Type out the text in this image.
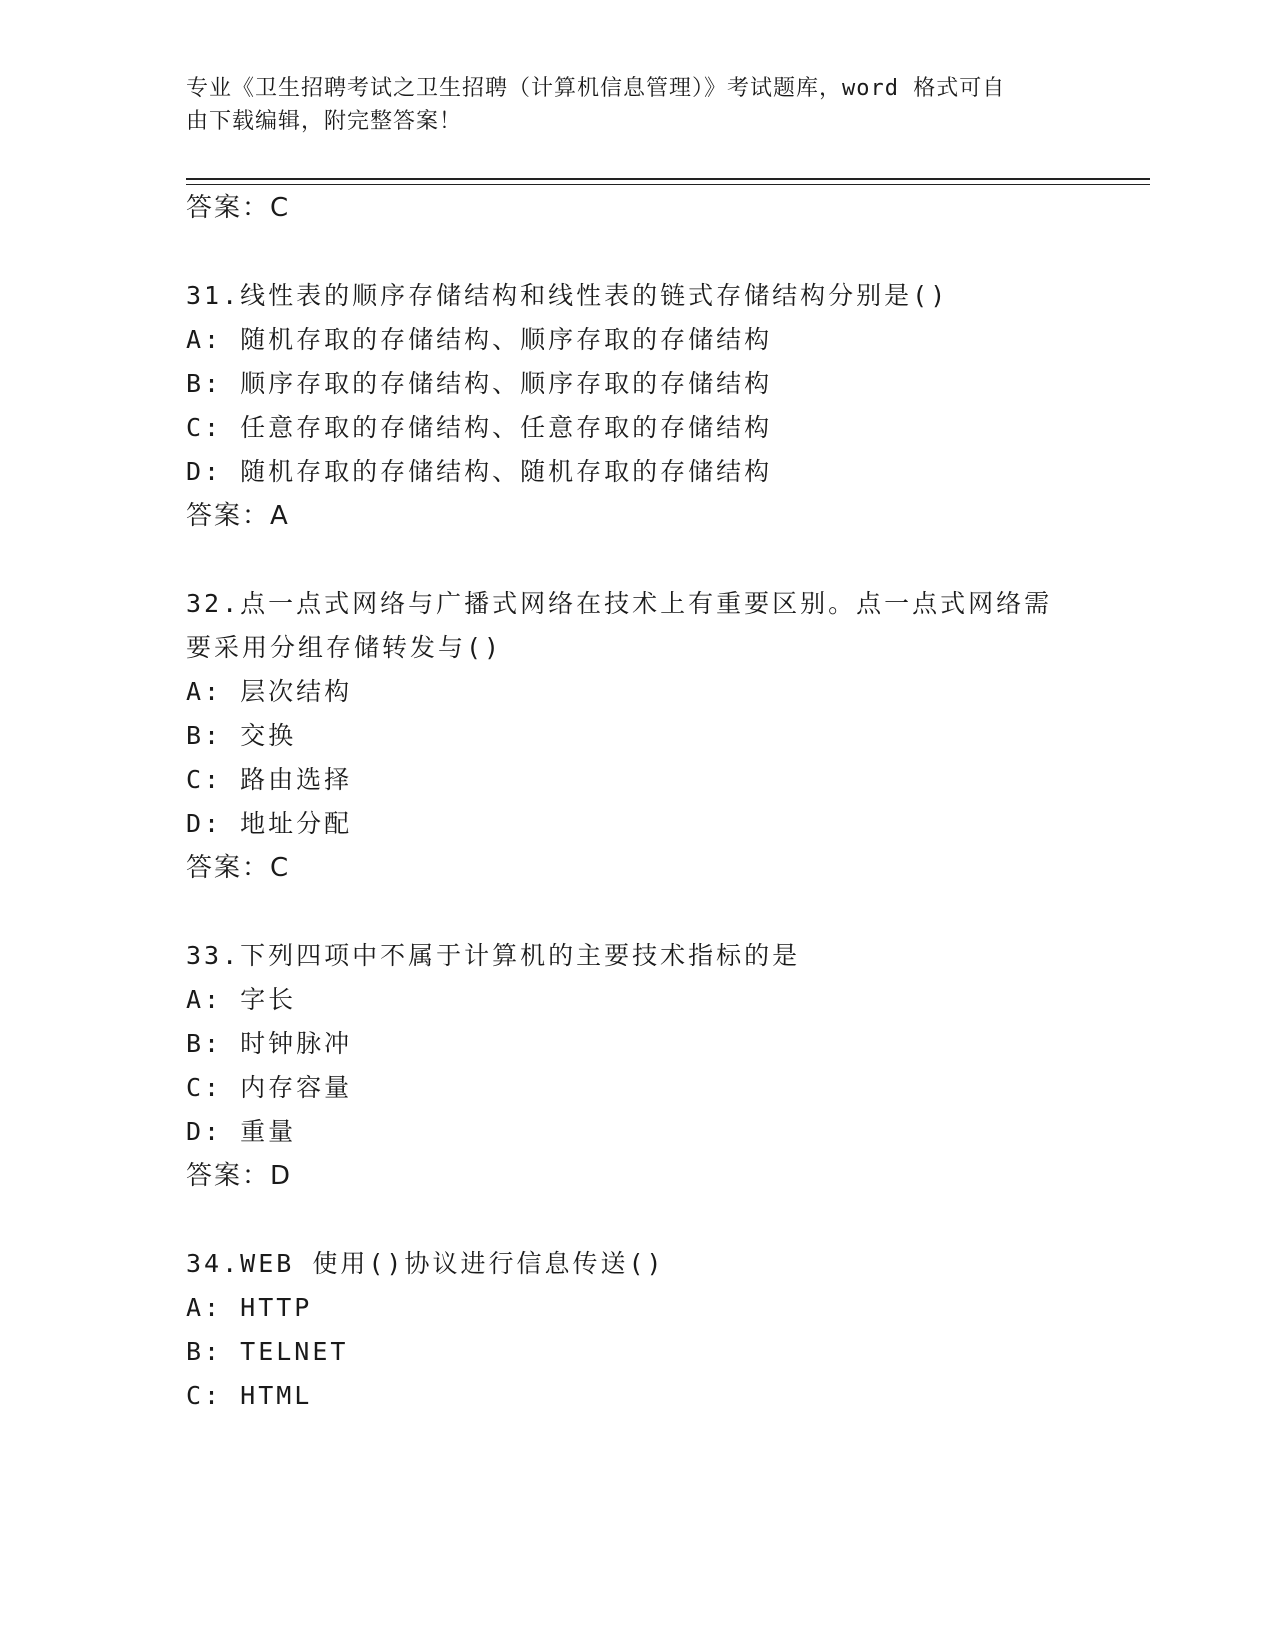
专业《卫生招聘考试之卫生招聘（计算机信息管理）》考试题库，word 格式可自
由下载编辑，附完整答案！
答案：C
31.线性表的顺序存储结构和线性表的链式存储结构分别是()
A: 随机存取的存储结构、顺序存取的存储结构
B: 顺序存取的存储结构、顺序存取的存储结构
C: 任意存取的存储结构、任意存取的存储结构
D: 随机存取的存储结构、随机存取的存储结构
答案：A
32.点一点式网络与广播式网络在技术上有重要区别。点一点式网络需
要采用分组存储转发与()
A: 层次结构
B: 交换
C: 路由选择
D: 地址分配
答案：C
33.下列四项中不属于计算机的主要技术指标的是
A: 字长
B: 时钟脉冲
C: 内存容量
D: 重量
答案：D
34.WEB 使用()协议进行信息传送()
A: HTTP
B: TELNET
C: HTML
